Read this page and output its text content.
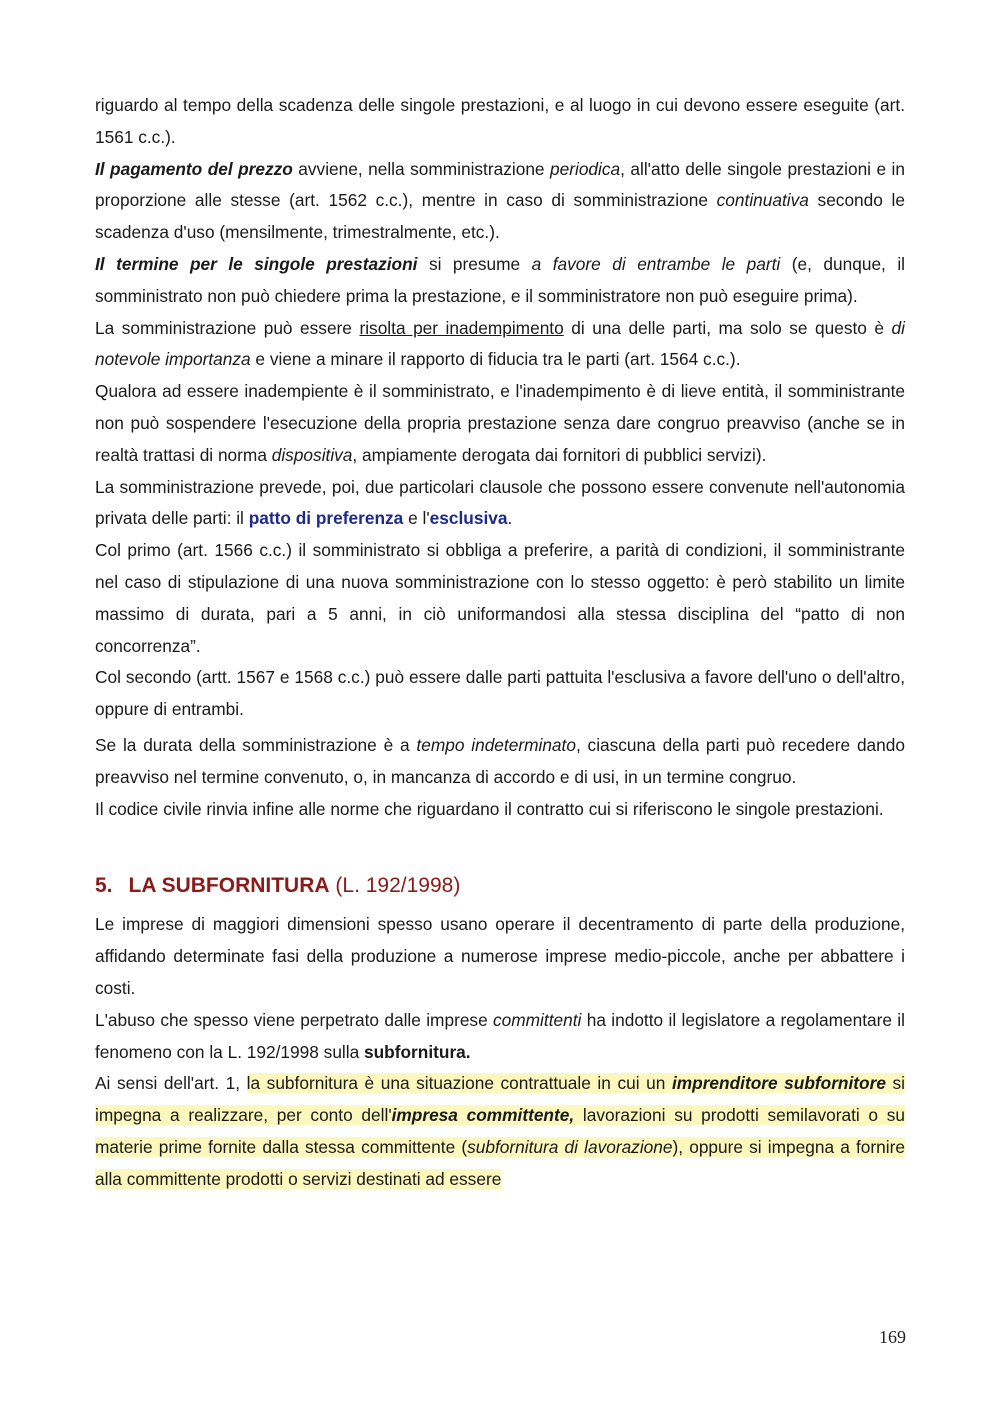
riguardo al tempo della scadenza delle singole prestazioni, e al luogo in cui devono essere eseguite (art. 1561 c.c.).

Il pagamento del prezzo avviene, nella somministrazione periodica, all'atto delle singole prestazioni e in proporzione alle stesse (art. 1562 c.c.), mentre in caso di somministrazione continuativa secondo le scadenza d'uso (mensilmente, trimestralmente, etc.).

Il termine per le singole prestazioni si presume a favore di entrambe le parti (e, dunque, il somministrato non può chiedere prima la prestazione, e il somministratore non può eseguire prima).

La somministrazione può essere risolta per inadempimento di una delle parti, ma solo se questo è di notevole importanza e viene a minare il rapporto di fiducia tra le parti (art. 1564 c.c.).

Qualora ad essere inadempiente è il somministrato, e l'inadempimento è di lieve entità, il somministrante non può sospendere l'esecuzione della propria prestazione senza dare congruo preavviso (anche se in realtà trattasi di norma dispositiva, ampiamente derogata dai fornitori di pubblici servizi).

La somministrazione prevede, poi, due particolari clausole che possono essere convenute nell'autonomia privata delle parti: il patto di preferenza e l'esclusiva.

Col primo (art. 1566 c.c.) il somministrato si obbliga a preferire, a parità di condizioni, il somministrante nel caso di stipulazione di una nuova somministrazione con lo stesso oggetto: è però stabilito un limite massimo di durata, pari a 5 anni, in ciò uniformandosi alla stessa disciplina del “patto di non concorrenza”.

Col secondo (artt. 1567 e 1568 c.c.) può essere dalle parti pattuita l'esclusiva a favore dell'uno o dell'altro, oppure di entrambi.

Se la durata della somministrazione è a tempo indeterminato, ciascuna della parti può recedere dando preavviso nel termine convenuto, o, in mancanza di accordo e di usi, in un termine congruo.

Il codice civile rinvia infine alle norme che riguardano il contratto cui si riferiscono le singole prestazioni.

5. LA SUBFORNITURA (L. 192/1998)

Le imprese di maggiori dimensioni spesso usano operare il decentramento di parte della produzione, affidando determinate fasi della produzione a numerose imprese medio-piccole, anche per abbattere i costi.

L'abuso che spesso viene perpetrato dalle imprese committenti ha indotto il legislatore a regolamentare il fenomeno con la L. 192/1998 sulla subfornitura.

Ai sensi dell'art. 1, la subfornitura è una situazione contrattuale in cui un imprenditore subfornitore si impegna a realizzare, per conto dell'impresa committente, lavorazioni su prodotti semilavorati o su materie prime fornite dalla stessa committente (subfornitura di lavorazione), oppure si impegna a fornire alla committente prodotti o servizi destinati ad essere

169
